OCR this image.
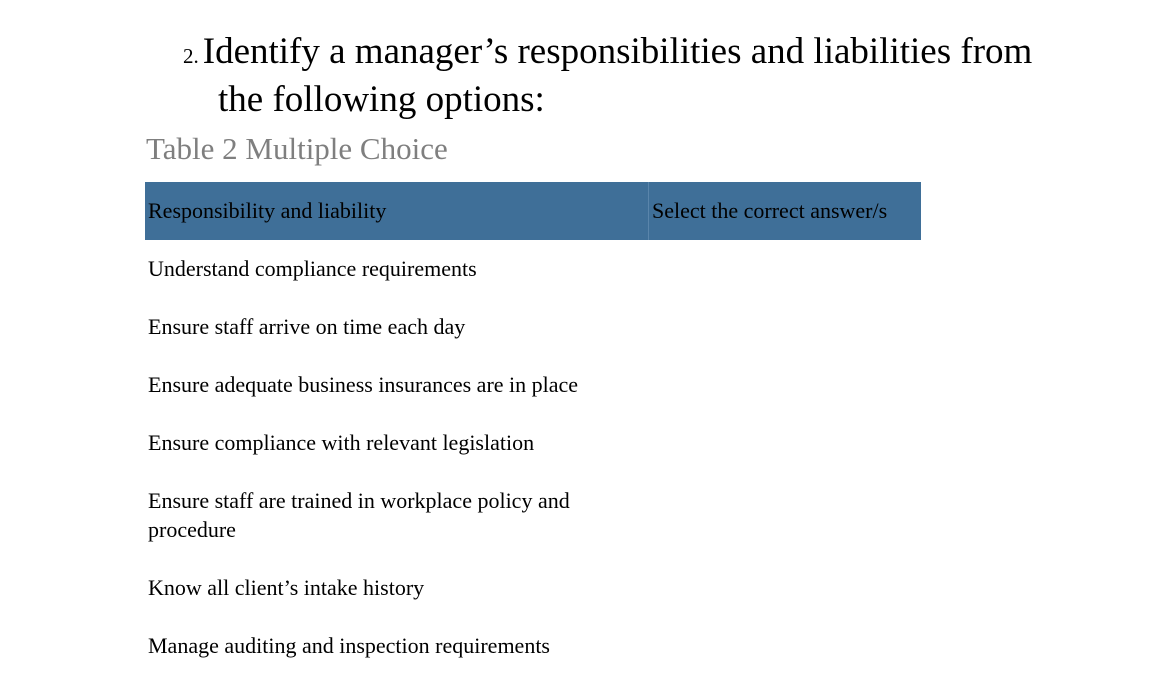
2. Identify a manager’s responsibilities and liabilities from
the following options:
Table 2 Multiple Choice
Responsibility and liability	Select the correct answer/s
Understand compliance requirements	
Ensure staff arrive on time each day	
Ensure adequate business insurances are in place	
Ensure compliance with relevant legislation	
Ensure staff are trained in workplace policy and procedure	
Know all client’s intake history	
Manage auditing and inspection requirements	
